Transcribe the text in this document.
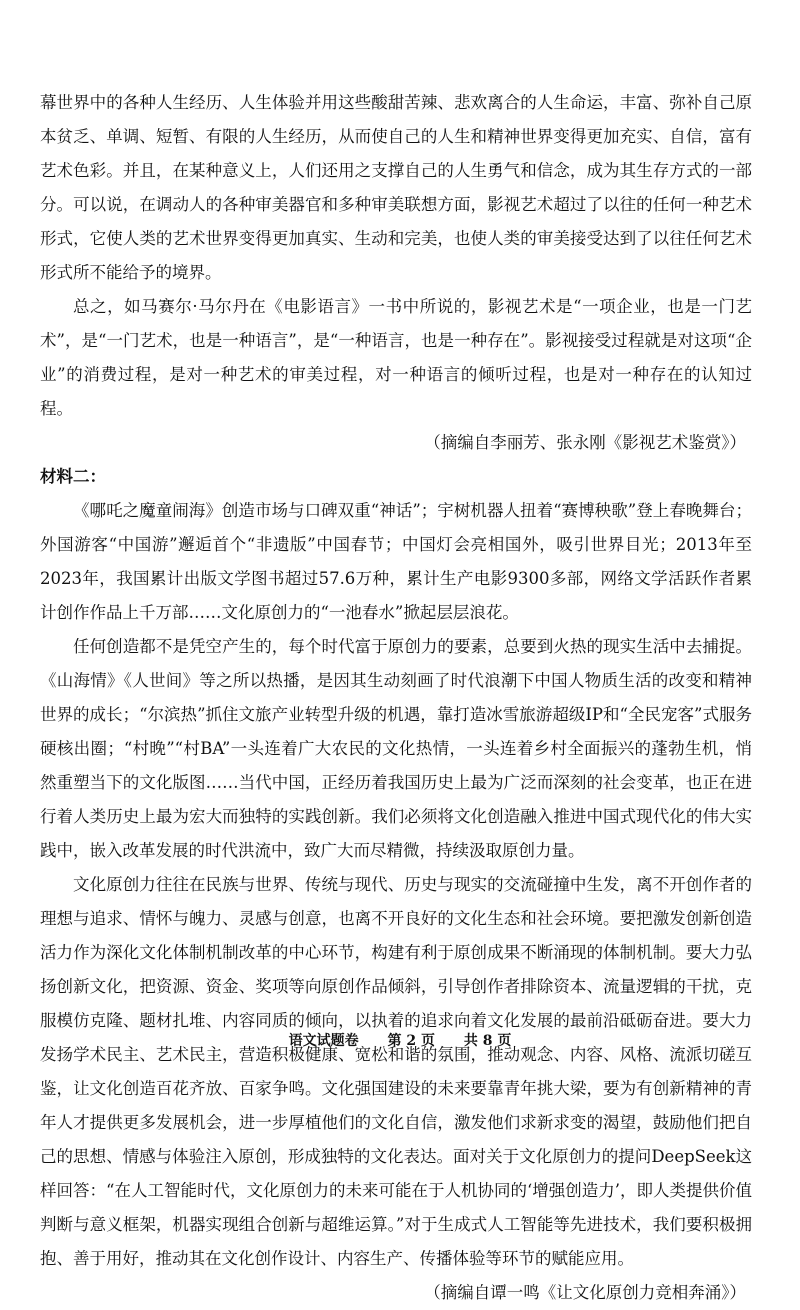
幕世界中的各种人生经历、人生体验并用这些酸甜苦辣、悲欢离合的人生命运，丰富、弥补自己原本贫乏、单调、短暂、有限的人生经历，从而使自己的人生和精神世界变得更加充实、自信，富有艺术色彩。并且，在某种意义上，人们还用之支撑自己的人生勇气和信念，成为其生存方式的一部分。可以说，在调动人的各种审美器官和多种审美联想方面，影视艺术超过了以往的任何一种艺术形式，它使人类的艺术世界变得更加真实、生动和完美，也使人类的审美接受达到了以往任何艺术形式所不能给予的境界。

总之，如马赛尔·马尔丹在《电影语言》一书中所说的，影视艺术是“一项企业，也是一门艺术”，是“一门艺术，也是一种语言”，是“一种语言，也是一种存在”。影视接受过程就是对这项“企业”的消费过程，是对一种艺术的审美过程，对一种语言的倾听过程，也是对一种存在的认知过程。

（摘编自李丽芳、张永刚《影视艺术鉴赏》）

材料二：

《哪吒之魔童闹海》创造市场与口碑双重“神话”；宇树机器人扭着“赛博秧歌”登上春晚舞台；外国游客“中国游”邂逅首个“非遗版”中国春节；中国灯会亮相国外，吸引世界目光；2013年至2023年，我国累计出版文学图书超过57.6万种，累计生产电影9300多部，网络文学活跃作者累计创作作品上千万部……文化原创力的“一池春水”掀起层层浪花。

任何创造都不是凭空产生的，每个时代富于原创力的要素，总要到火热的现实生活中去捕捉。《山海情》《人世间》等之所以热播，是因其生动刻画了时代浪潮下中国人物质生活的改变和精神世界的成长；“尔滨热”抓住文旅产业转型升级的机遇，靠打造冰雪旅游超级IP和“全民宠客”式服务硬核出圈；“村晚”“村BA”一头连着广大农民的文化热情，一头连着乡村全面振兴的蓬勃生机，悄然重塑当下的文化版图……当代中国，正经历着我国历史上最为广泛而深刻的社会变革，也正在进行着人类历史上最为宏大而独特的实践创新。我们必须将文化创造融入推进中国式现代化的伟大实践中，嵌入改革发展的时代洪流中，致广大而尽精微，持续汲取原创力量。

文化原创力往往在民族与世界、传统与现代、历史与现实的交流碰撞中生发，离不开创作者的理想与追求、情怀与魄力、灵感与创意，也离不开良好的文化生态和社会环境。要把激发创新创造活力作为深化文化体制机制改革的中心环节，构建有利于原创成果不断涌现的体制机制。要大力弘扬创新文化，把资源、资金、奖项等向原创作品倾斜，引导创作者排除资本、流量逻辑的干扰，克服模仿克隆、题材扎堆、内容同质的倾向，以执着的追求向着文化发展的最前沿砥砺奋进。要大力发扬学术民主、艺术民主，营造积极健康、宽松和谐的氛围，推动观念、内容、风格、流派切磋互鉴，让文化创造百花齐放、百家争鸣。文化强国建设的未来要靠青年挑大梁，要为有创新精神的青年人才提供更多发展机会，进一步厚植他们的文化自信，激发他们求新求变的渴望，鼓励他们把自己的思想、情感与体验注入原创，形成独特的文化表达。面对关于文化原创力的提问DeepSeek这样回答：“在人工智能时代，文化原创力的未来可能在于人机协同的‘增强创造力’，即人类提供价值判断与意义框架，机器实现组合创新与超维运算。”对于生成式人工智能等先进技术，我们要积极拥抱、善于用好，推动其在文化创作设计、内容生产、传播体验等环节的赋能应用。

（摘编自谭一鸣《让文化原创力竞相奔涌》）

语文试题卷 第 2 页 共 8 页
